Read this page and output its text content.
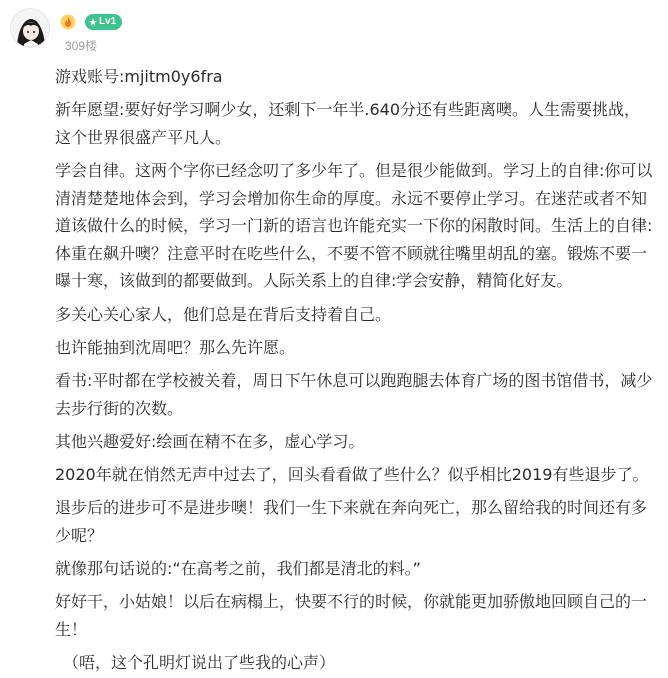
Lv1
309楼

游戏账号:mjitm0y6fra

新年愿望:要好好学习啊少女，还剩下一年半.640分还有些距离噢。人生需要挑战，这个世界很盛产平凡人。

学会自律。这两个字你已经念叨了多少年了。但是很少能做到。学习上的自律:你可以清清楚楚地体会到，学习会增加你生命的厚度。永远不要停止学习。在迷茫或者不知道该做什么的时候，学习一门新的语言也许能充实一下你的闲散时间。生活上的自律:体重在飙升噢？注意平时在吃些什么，不要不管不顾就往嘴里胡乱的塞。锻炼不要一曝十寒，该做到的都要做到。人际关系上的自律:学会安静，精简化好友。

多关心关心家人，他们总是在背后支持着自己。

也许能抽到沈周吧？那么先许愿。

看书:平时都在学校被关着，周日下午休息可以跑跑腿去体育广场的图书馆借书，减少去步行街的次数。

其他兴趣爱好:绘画在精不在多，虚心学习。

2020年就在悄然无声中过去了，回头看看做了些什么？似乎相比2019有些退步了。

退步后的进步可不是进步噢！我们一生下来就在奔向死亡，那么留给我的时间还有多少呢？

就像那句话说的:“在高考之前，我们都是清北的料。”

好好干，小姑娘！以后在病榻上，快要不行的时候，你就能更加骄傲地回顾自己的一生！

（唔，这个孔明灯说出了些我的心声）
